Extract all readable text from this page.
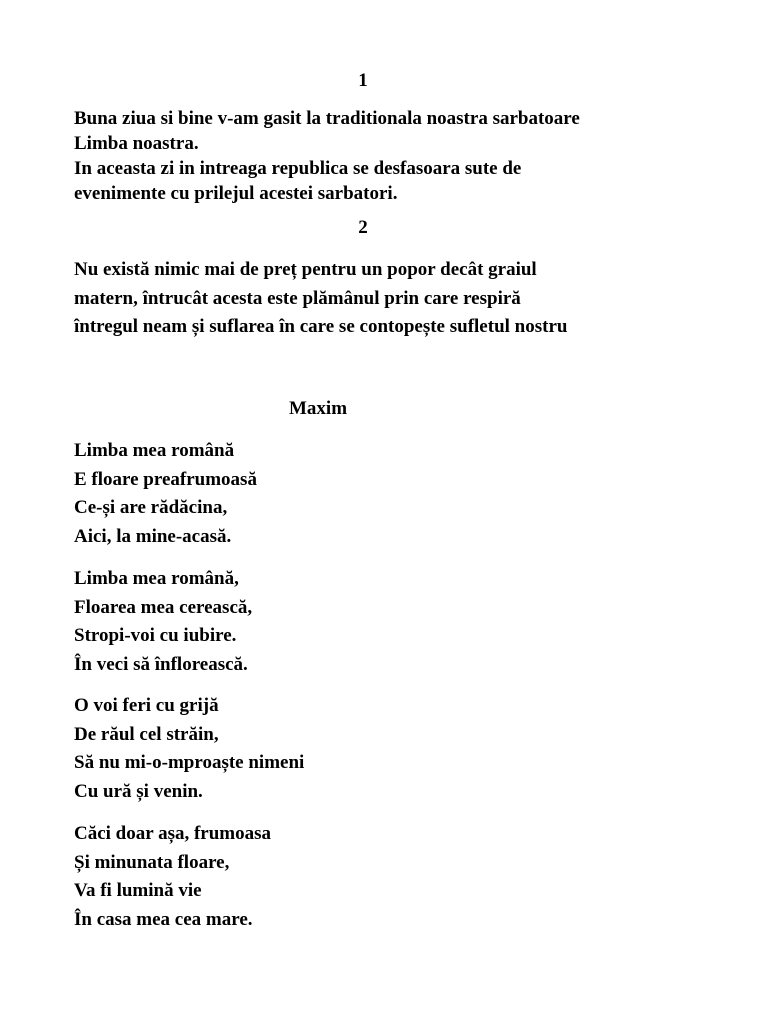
1

Buna ziua si bine v-am gasit la traditionala noastra sarbatoare

Limba noastra.

In aceasta zi in intreaga republica se desfasoara sute de

evenimente cu prilejul acestei sarbatori.

2

Nu există nimic mai de preț pentru un popor decât graiul

matern, întrucât acesta este plămânul prin care respiră

întregul neam și suflarea în care se contopește sufletul nostru

Maxim
Limba mea română
E floare preafrumoasă
Ce-și are rădăcina,
Aici, la mine-acasă.
Limba mea română,
Floarea mea cerească,
Stropi-voi cu iubire.
În veci să înflorească.
O voi feri cu grijă
De răul cel străin,
Să nu mi-o-mproaște nimeni
Cu ură și venin.
Căci doar așa, frumoasa
Și minunata floare,
Va fi lumină vie
În casa mea cea mare.
